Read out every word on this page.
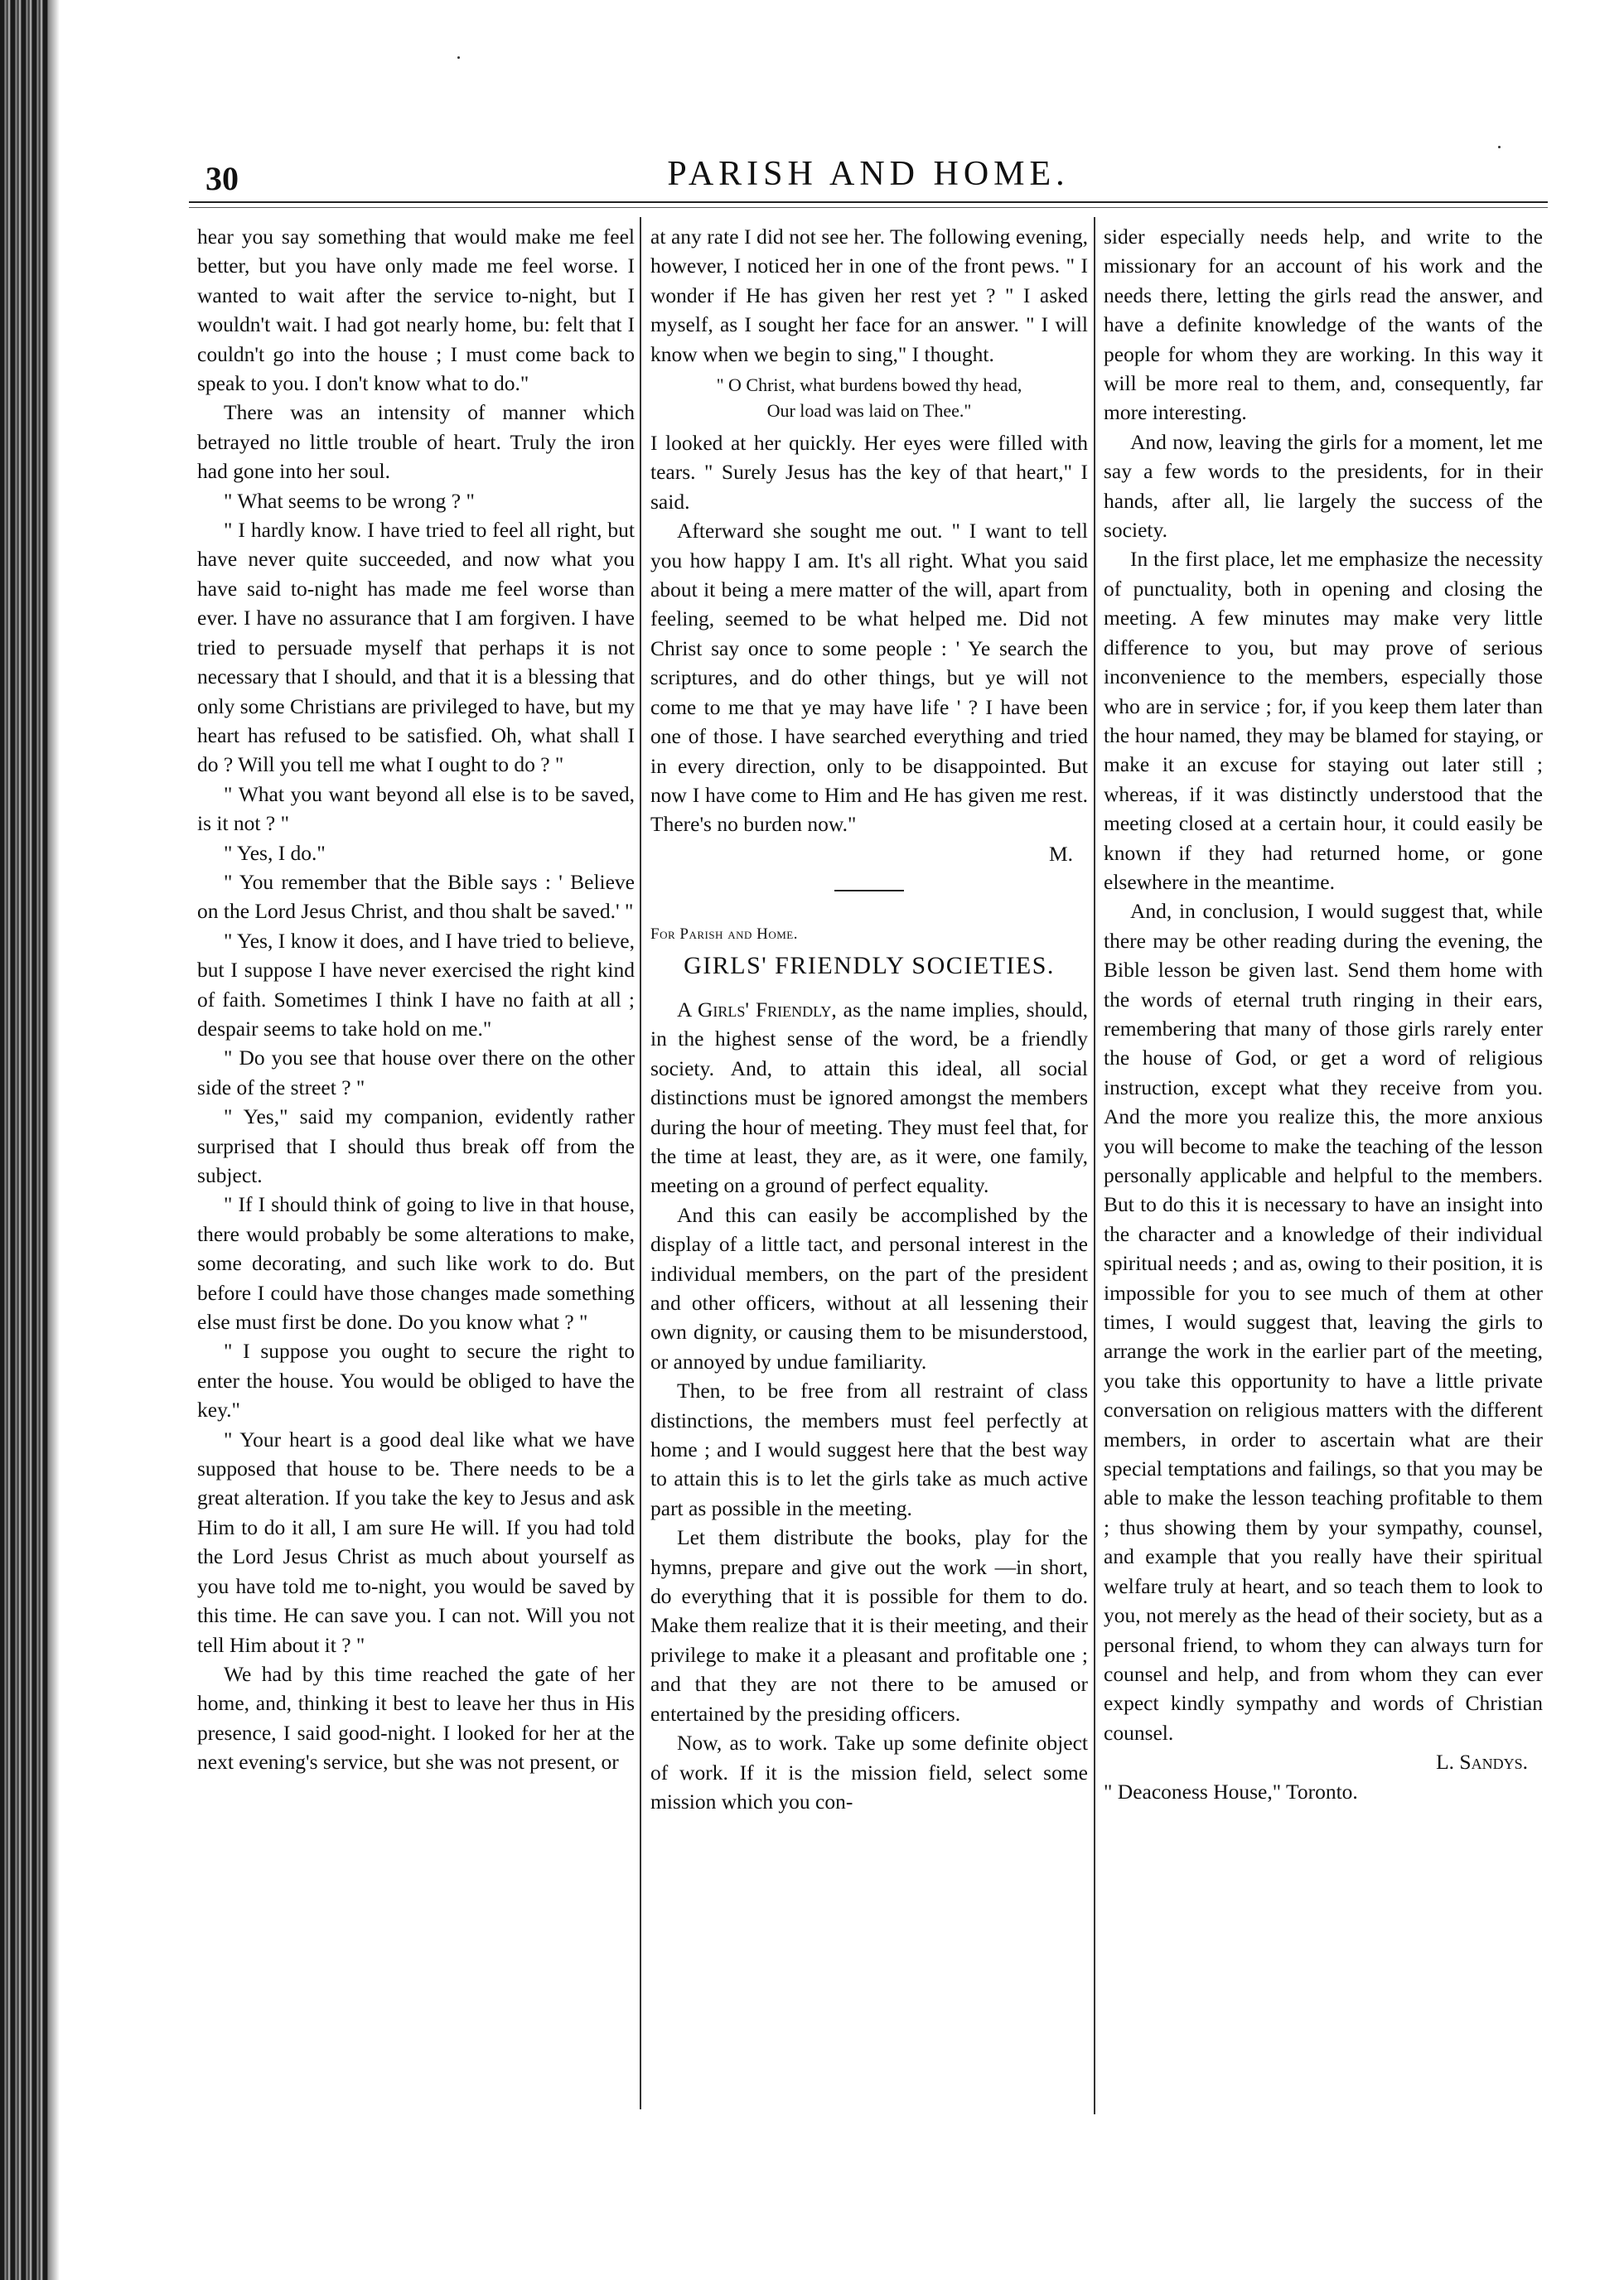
30	PARISH AND HOME.

hear you say something that would make me feel better, but you have only made me feel worse. I wanted to wait after the service to-night, but I wouldn't wait. I had got nearly home, bu: felt that I couldn't go into the house ; I must come back to speak to you. I don't know what to do."

There was an intensity of manner which betrayed no little trouble of heart. Truly the iron had gone into her soul.

" What seems to be wrong ? "

" I hardly know. I have tried to feel all right, but have never quite succeeded, and now what you have said to-night has made me feel worse than ever. I have no assurance that I am forgiven. I have tried to persuade myself that perhaps it is not necessary that I should, and that it is a blessing that only some Christians are privileged to have, but my heart has refused to be satisfied. Oh, what shall I do ? Will you tell me what I ought to do ? "

" What you want beyond all else is to be saved, is it not ? "

" Yes, I do."

" You remember that the Bible says : ' Believe on the Lord Jesus Christ, and thou shalt be saved.' "

" Yes, I know it does, and I have tried to believe, but I suppose I have never exercised the right kind of faith. Sometimes I think I have no faith at all ; despair seems to take hold on me."

" Do you see that house over there on the other side of the street ? "

" Yes," said my companion, evidently rather surprised that I should thus break off from the subject.

" If I should think of going to live in that house, there would probably be some alterations to make, some decorating, and such like work to do. But before I could have those changes made something else must first be done. Do you know what ? "

" I suppose you ought to secure the right to enter the house. You would be obliged to have the key."

" Your heart is a good deal like what we have supposed that house to be. There needs to be a great alteration. If you take the key to Jesus and ask Him to do it all, I am sure He will. If you had told the Lord Jesus Christ as much about yourself as you have told me to-night, you would be saved by this time. He can save you. I can not. Will you not tell Him about it ? "

We had by this time reached the gate of her home, and, thinking it best to leave her thus in His presence, I said good-night. I looked for her at the next evening's service, but she was not present, or

at any rate I did not see her. The following evening, however, I noticed her in one of the front pews. " I wonder if He has given her rest yet ? " I asked myself, as I sought her face for an answer. " I will know when we begin to sing," I thought.

" O Christ, what burdens bowed thy head,
Our load was laid on Thee."

I looked at her quickly. Her eyes were filled with tears. " Surely Jesus has the key of that heart," I said.

Afterward she sought me out. " I want to tell you how happy I am. It's all right. What you said about it being a mere matter of the will, apart from feeling, seemed to be what helped me. Did not Christ say once to some people : ' Ye search the scriptures, and do other things, but ye will not come to me that ye may have life ' ? I have been one of those. I have searched everything and tried in every direction, only to be disappointed. But now I have come to Him and He has given me rest. There's no burden now."

M.

For Parish and Home.

GIRLS' FRIENDLY SOCIETIES.

A Girls' Friendly, as the name implies, should, in the highest sense of the word, be a friendly society. And, to attain this ideal, all social distinctions must be ignored amongst the members during the hour of meeting. They must feel that, for the time at least, they are, as it were, one family, meeting on a ground of perfect equality.

And this can easily be accomplished by the display of a little tact, and personal interest in the individual members, on the part of the president and other officers, without at all lessening their own dignity, or causing them to be misunderstood, or annoyed by undue familiarity.

Then, to be free from all restraint of class distinctions, the members must feel perfectly at home ; and I would suggest here that the best way to attain this is to let the girls take as much active part as possible in the meeting.

Let them distribute the books, play for the hymns, prepare and give out the work —in short, do everything that it is possible for them to do. Make them realize that it is their meeting, and their privilege to make it a pleasant and profitable one ; and that they are not there to be amused or entertained by the presiding officers.

Now, as to work. Take up some definite object of work. If it is the mission field, select some mission which you con-

sider especially needs help, and write to the missionary for an account of his work and the needs there, letting the girls read the answer, and have a definite knowledge of the wants of the people for whom they are working. In this way it will be more real to them, and, consequently, far more interesting.

And now, leaving the girls for a moment, let me say a few words to the presidents, for in their hands, after all, lie largely the success of the society.

In the first place, let me emphasize the necessity of punctuality, both in opening and closing the meeting. A few minutes may make very little difference to you, but may prove of serious inconvenience to the members, especially those who are in service ; for, if you keep them later than the hour named, they may be blamed for staying, or make it an excuse for staying out later still ; whereas, if it was distinctly understood that the meeting closed at a certain hour, it could easily be known if they had returned home, or gone elsewhere in the meantime.

And, in conclusion, I would suggest that, while there may be other reading during the evening, the Bible lesson be given last. Send them home with the words of eternal truth ringing in their ears, remembering that many of those girls rarely enter the house of God, or get a word of religious instruction, except what they receive from you. And the more you realize this, the more anxious you will become to make the teaching of the lesson personally applicable and helpful to the members. But to do this it is necessary to have an insight into the character and a knowledge of their individual spiritual needs ; and as, owing to their position, it is impossible for you to see much of them at other times, I would suggest that, leaving the girls to arrange the work in the earlier part of the meeting, you take this opportunity to have a little private conversation on religious matters with the different members, in order to ascertain what are their special temptations and failings, so that you may be able to make the lesson teaching profitable to them ; thus showing them by your sympathy, counsel, and example that you really have their spiritual welfare truly at heart, and so teach them to look to you, not merely as the head of their society, but as a personal friend, to whom they can always turn for counsel and help, and from whom they can ever expect kindly sympathy and words of Christian counsel.

L. Sandys.

" Deaconess House," Toronto.
